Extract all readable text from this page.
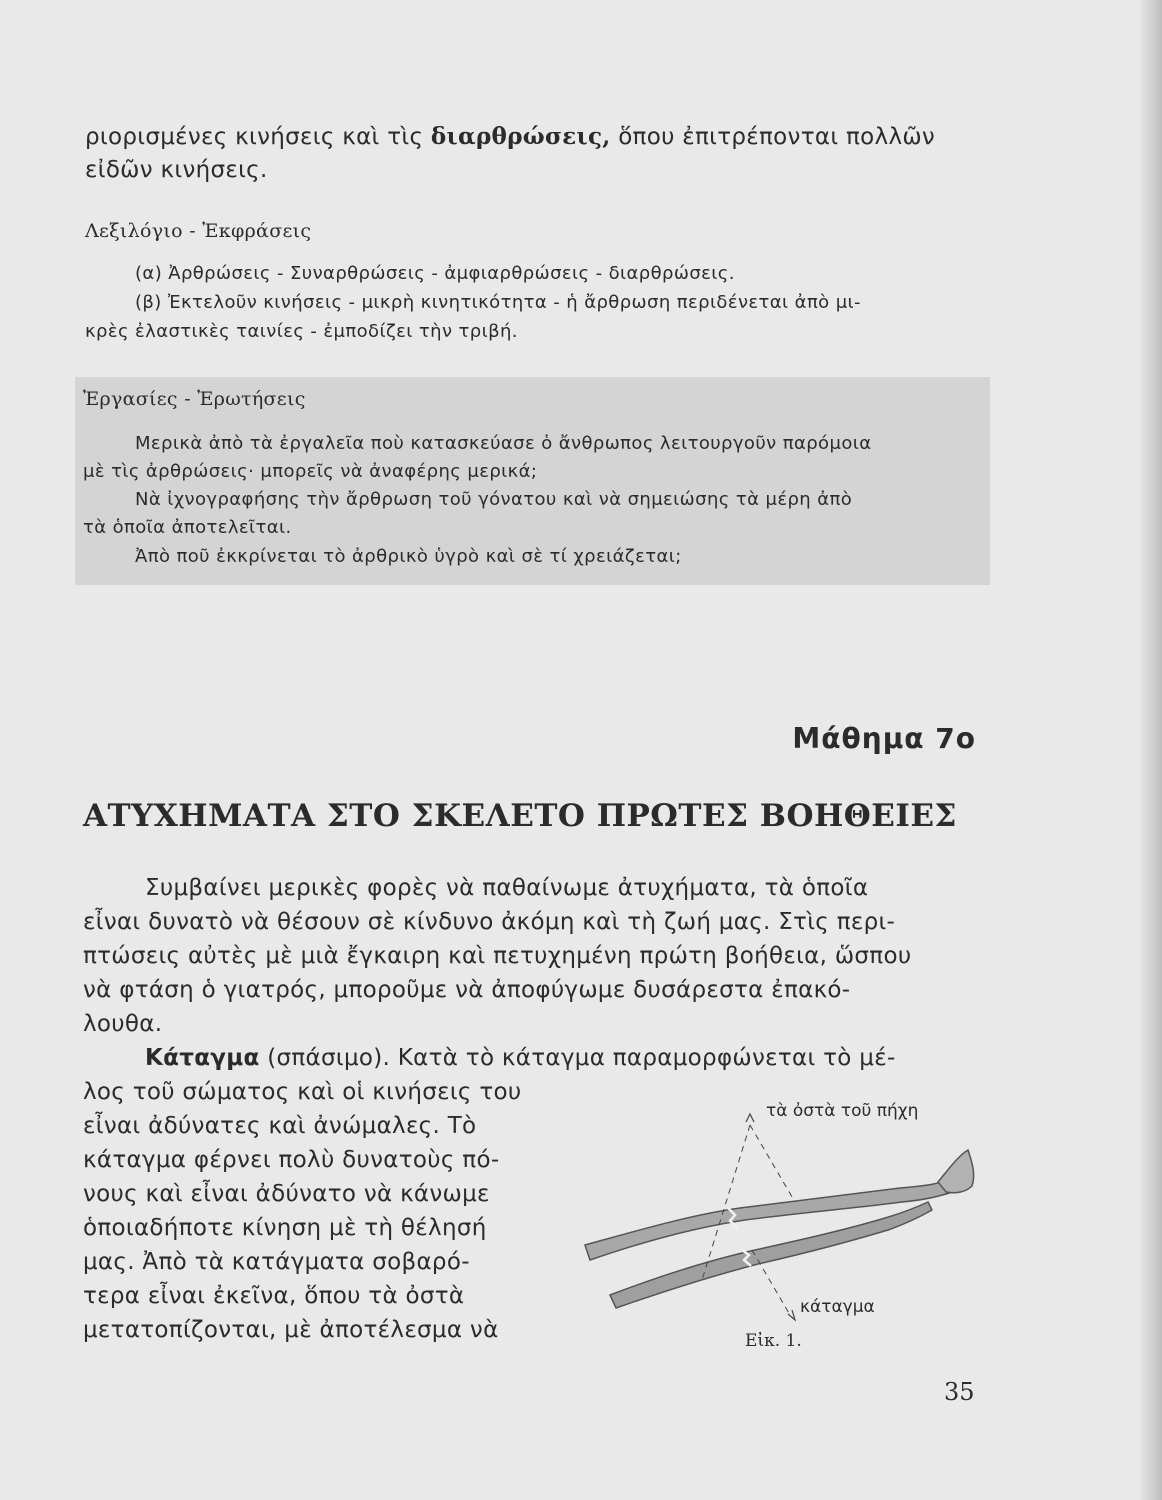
ριορισμένες κινήσεις καὶ τὶς διαρθρώσεις, ὅπου ἐπιτρέπονται πολλῶν

εἰδῶν κινήσεις.

Λεξιλόγιο - Ἐκφράσεις

(α) Ἀρθρώσεις - Συναρθρώσεις - ἀμφιαρθρώσεις - διαρθρώσεις.

(β) Ἐκτελοῦν κινήσεις - μικρὴ κινητικότητα - ἡ ἄρθρωση περιδένεται ἀπὸ μι-

κρὲς ἐλαστικὲς ταινίες - ἐμποδίζει τὴν τριβή.

Ἐργασίες - Ἐρωτήσεις

Μερικὰ ἀπὸ τὰ ἐργαλεῖα ποὺ κατασκεύασε ὁ ἄνθρωπος λειτουργοῦν παρόμοια

μὲ τὶς ἀρθρώσεις· μπορεῖς νὰ ἀναφέρης μερικά;

Νὰ ἰχνογραφήσης τὴν ἄρθρωση τοῦ γόνατου καὶ νὰ σημειώσης τὰ μέρη ἀπὸ

τὰ ὁποῖα ἀποτελεῖται.

Ἀπὸ ποῦ ἐκκρίνεται τὸ ἀρθρικὸ ὑγρὸ καὶ σὲ τί χρειάζεται;

Μάθημα 7ο

ΑΤΥΧΗΜΑΤΑ ΣΤΟ ΣΚΕΛΕΤΟ ΠΡΩΤΕΣ ΒΟΗΘΕΙΕΣ

Συμβαίνει μερικὲς φορὲς νὰ παθαίνωμε ἀτυχήματα, τὰ ὁποῖα

εἶναι δυνατὸ νὰ θέσουν σὲ κίνδυνο ἀκόμη καὶ τὴ ζωή μας. Στὶς περι-

πτώσεις αὐτὲς μὲ μιὰ ἔγκαιρη καὶ πετυχημένη πρώτη βοήθεια, ὥσπου

νὰ φτάση ὁ γιατρός, μποροῦμε νὰ ἀποφύγωμε δυσάρεστα ἐπακό-

λουθα.

Κάταγμα (σπάσιμο). Κατὰ τὸ κάταγμα παραμορφώνεται τὸ μέ-

λος τοῦ σώματος καὶ οἱ κινήσεις του

εἶναι ἀδύνατες καὶ ἀνώμαλες. Τὸ

κάταγμα φέρνει πολὺ δυνατοὺς πό-

νους καὶ εἶναι ἀδύνατο νὰ κάνωμε

ὁποιαδήποτε κίνηση μὲ τὴ θέλησή

μας. Ἀπὸ τὰ κατάγματα σοβαρό-

τερα εἶναι ἐκεῖνα, ὅπου τὰ ὀστὰ

μετατοπίζονται, μὲ ἀποτέλεσμα νὰ

τὰ ὀστὰ τοῦ πήχη
κάταγμα
Εἰκ. 1.

35
